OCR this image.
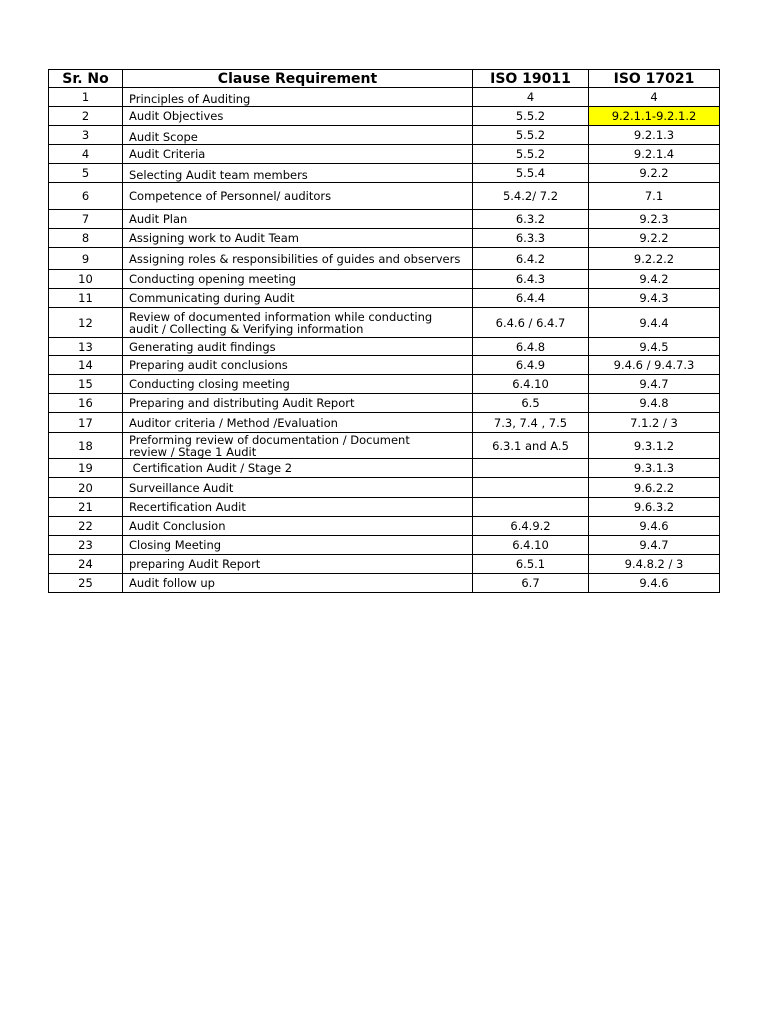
Sr. No	Clause Requirement	ISO 19011	ISO 17021
1	Principles of Auditing	4	4
2	Audit Objectives	5.5.2	9.2.1.1-9.2.1.2
3	Audit Scope	5.5.2	9.2.1.3
4	Audit Criteria	5.5.2	9.2.1.4
5	Selecting Audit team members	5.5.4	9.2.2
6	Competence of Personnel/ auditors	5.4.2/ 7.2	7.1
7	Audit Plan	6.3.2	9.2.3
8	Assigning work to Audit Team	6.3.3	9.2.2
9	Assigning roles & responsibilities of guides and observers	6.4.2	9.2.2.2
10	Conducting opening meeting	6.4.3	9.4.2
11	Communicating during Audit	6.4.4	9.4.3
12	Review of documented information while conducting
audit / Collecting & Verifying information	6.4.6 / 6.4.7	9.4.4
13	Generating audit findings	6.4.8	9.4.5
14	Preparing audit conclusions	6.4.9	9.4.6 / 9.4.7.3
15	Conducting closing meeting	6.4.10	9.4.7
16	Preparing and distributing Audit Report	6.5	9.4.8
17	Auditor criteria / Method /Evaluation	7.3, 7.4 , 7.5	7.1.2 / 3
18	Preforming review of documentation / Document
review / Stage 1 Audit	6.3.1 and A.5	9.3.1.2
19	Certification Audit / Stage 2		9.3.1.3
20	Surveillance Audit		9.6.2.2
21	Recertification Audit		9.6.3.2
22	Audit Conclusion	6.4.9.2	9.4.6
23	Closing Meeting	6.4.10	9.4.7
24	preparing Audit Report	6.5.1	9.4.8.2 / 3
25	Audit follow up	6.7	9.4.6
